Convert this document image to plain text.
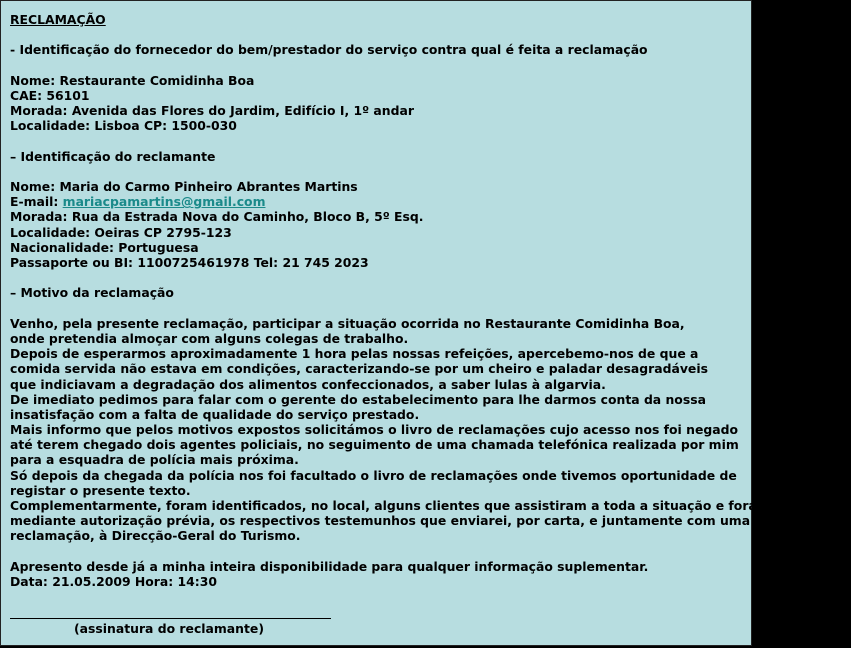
RECLAMAÇÃO
- Identificação do fornecedor do bem/prestador do serviço contra qual é feita a reclamação
Nome: Restaurante Comidinha Boa
CAE: 56101
Morada: Avenida das Flores do Jardim, Edifício I, 1º andar
Localidade: Lisboa CP: 1500-030
– Identificação do reclamante
Nome: Maria do Carmo Pinheiro Abrantes Martins
E-mail: mariacpamartins@gmail.com
Morada: Rua da Estrada Nova do Caminho, Bloco B, 5º Esq.
Localidade: Oeiras CP 2795-123
Nacionalidade: Portuguesa
Passaporte ou BI: 1100725461978 Tel: 21 745 2023
– Motivo da reclamação
Venho, pela presente reclamação, participar a situação ocorrida no Restaurante Comidinha Boa,
onde pretendia almoçar com alguns colegas de trabalho.
Depois de esperarmos aproximadamente 1 hora pelas nossas refeições, apercebemo-nos de que a
comida servida não estava em condições, caracterizando-se por um cheiro e paladar desagradáveis
que indiciavam a degradação dos alimentos confeccionados, a saber lulas à algarvia.
De imediato pedimos para falar com o gerente do estabelecimento para lhe darmos conta da nossa
insatisfação com a falta de qualidade do serviço prestado.
Mais informo que pelos motivos expostos solicitámos o livro de reclamações cujo acesso nos foi negado
até terem chegado dois agentes policiais, no seguimento de uma chamada telefónica realizada por mim
para a esquadra de polícia mais próxima.
Só depois da chegada da polícia nos foi facultado o livro de reclamações onde tivemos oportunidade de
registar o presente texto.
Complementarmente, foram identificados, no local, alguns clientes que assistiram a toda a situação e foram recolhidos,
mediante autorização prévia, os respectivos testemunhos que enviarei, por carta, e juntamente com uma cópia desta
reclamação, à Direcção-Geral do Turismo.
Apresento desde já a minha inteira disponibilidade para qualquer informação suplementar.
Data: 21.05.2009 Hora: 14:30
(assinatura do reclamante)
